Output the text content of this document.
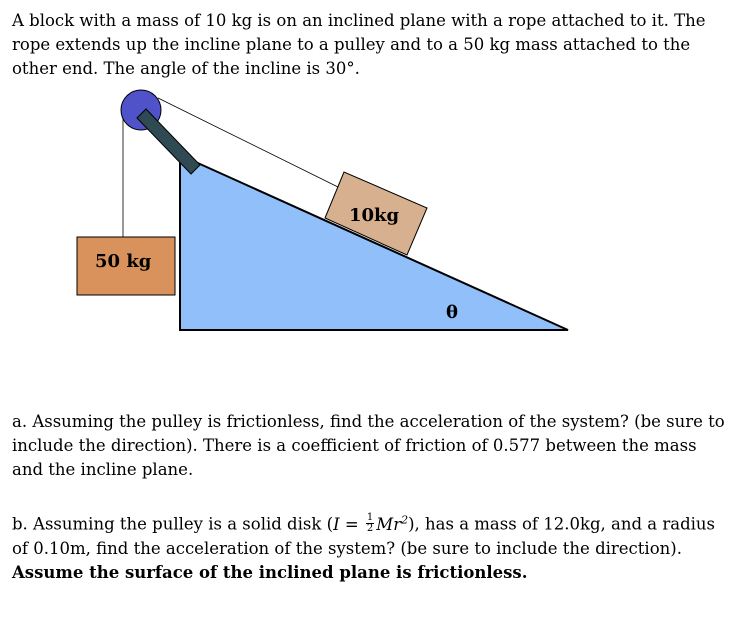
A block with a mass of 10 kg is on an inclined plane with a rope attached to it. The rope extends up the incline plane to a pulley and to a 50 kg mass attached to the other end. The angle of the incline is 30°.

10kg
50 kg
θ

a. Assuming the pulley is frictionless, find the acceleration of the system? (be sure to include the direction). There is a coefficient of friction of 0.577 between the mass and the incline plane.

b. Assuming the pulley is a solid disk $(I = \frac{1}{2} Mr^2)$, has a mass of 12.0kg, and a radius of 0.10m, find the acceleration of the system? (be sure to include the direction).
Assume the surface of the inclined plane is frictionless.
